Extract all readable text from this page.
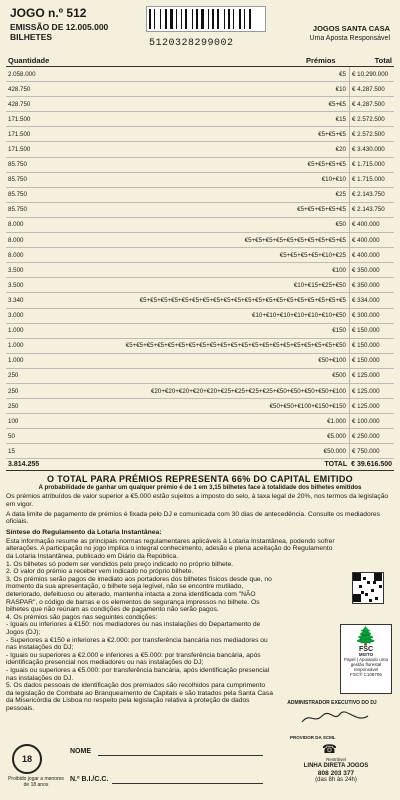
JOGO n.º 512
EMISSÃO DE 12.005.000 BILHETES
5120328299002
JOGOS SANTA CASA
Uma Aposta Responsável
Quantidade	Prémios	Total
2.058.000	€5	€ 10.290.000
428.750	€10	€ 4.287.500
428.750	€5+€5	€ 4.287.500
171.500	€15	€ 2.572.500
171.500	€5+€5+€5	€ 2.572.500
171.500	€20	€ 3.430.000
85.750	€5+€5+€5+€5	€ 1.715.000
85.750	€10+€10	€ 1.715.000
85.750	€25	€ 2.143.750
85.750	€5+€5+€5+€5+€5	€ 2.143.750
8.000	€50	€ 400.000
8.000	€5+€5+€5+€5+€5+€5+€5+€5+€5+€5	€ 400.000
8.000	€5+€5+€5+€5+€10+€25	€ 400.000
3.500	€100	€ 350.000
3.500	€10+€15+€25+€50	€ 350.000
3.340	€5+€5+€5+€5+€5+€5+€5+€5+€5+€5+€5+€5+€5+€5+€5+€5+€5+€5+€5+€5	€ 334.000
3.000	€10+€10+€10+€10+€10+€10+€50	€ 300.000
1.000	€150	€ 150.000
1.000	€5+€5+€5+€5+€5+€5+€5+€5+€5+€5+€5+€5+€5+€5+€5+€5+€5+€5+€5+€5+€50	€ 150.000
1.000	€50+€100	€ 150.000
250	€500	€ 125.000
250	€20+€20+€20+€20+€20+€25+€25+€25+€25+€50+€50+€50+€50+€100	€ 125.000
250	€50+€50+€100+€150+€150	€ 125.000
100	€1.000	€ 100.000
50	€5.000	€ 250.000
15	€50.000	€ 750.000
3.814.255	TOTAL € 39.616.500
O TOTAL PARA PRÉMIOS REPRESENTA 66% DO CAPITAL EMITIDO
A probabilidade de ganhar um qualquer prémio é de 1 em 3,15 bilhetes face à totalidade dos bilhetes emitidos
Os prémios atribuídos de valor superior a €5.000 estão sujeitos a imposto do selo, à taxa legal de 20%, nos termos da legislação em vigor.
A data limite de pagamento de prémios é fixada pelo DJ e comunicada com 30 dias de antecedência. Consulte os mediadores oficiais.
Síntese do Regulamento da Lotaria Instantânea:
Esta informação resume as principais normas regulamentares aplicáveis à Lotaria Instantânea, podendo sofrer alterações. A participação no jogo implica o integral conhecimento, adesão e plena aceitação do Regulamento da Lotaria Instantânea, publicado em Diário da República.
1. Os bilhetes só podem ser vendidos pelo preço indicado no próprio bilhete.
2. O valor do prémio a receber vem indicado no próprio bilhete.
3. Os prémios serão pagos de imediato aos portadores dos bilhetes físicos desde que, no momento da sua apresentação, o bilhete seja legível, não se encontre mutilado, deteriorado, defeituoso ou alterado, mantenha intacta a zona identificada com "NÃO RASPAR", o código de barras e os elementos de segurança impressos no bilhete. Os bilhetes que não reúnam as condições de pagamento não serão pagos.
4. Os prémios são pagos nas seguintes condições:
- Iguais ou inferiores a €150: nos mediadores ou nas instalações do Departamento de Jogos (DJ);
- Superiores a €150 e inferiores a €2.000: por transferência bancária nos mediadores ou nas instalações do DJ;
- Iguais ou superiores a €2.000 e inferiores a €5.000: por transferência bancária, após identificação presencial nos mediadores ou nas instalações do DJ;
- Iguais ou superiores a €5.000: por transferência bancária, após identificação presencial nas instalações do DJ.
5. Os dados pessoais de identificação dos premiados são recolhidos para cumprimento da legislação de Combate ao Branqueamento de Capitais e são tratados pela Santa Casa da Misericórdia de Lisboa no respeito pela legislação relativa à proteção de dados pessoais.
🌲
FSC
MISTO
Papel | Apoiando uma gestão florestal responsável
FSC® C108706
ADMINISTRADOR EXECUTIVO DO DJ
PROVIDOR DA SCML
18
Proibido jogar a menores de 18 anos
NOME
N.º B.I./C.C.
☎
Restritivel
LINHA DIRETA JOGOS
808 203 377
(das 8h às 24h)
